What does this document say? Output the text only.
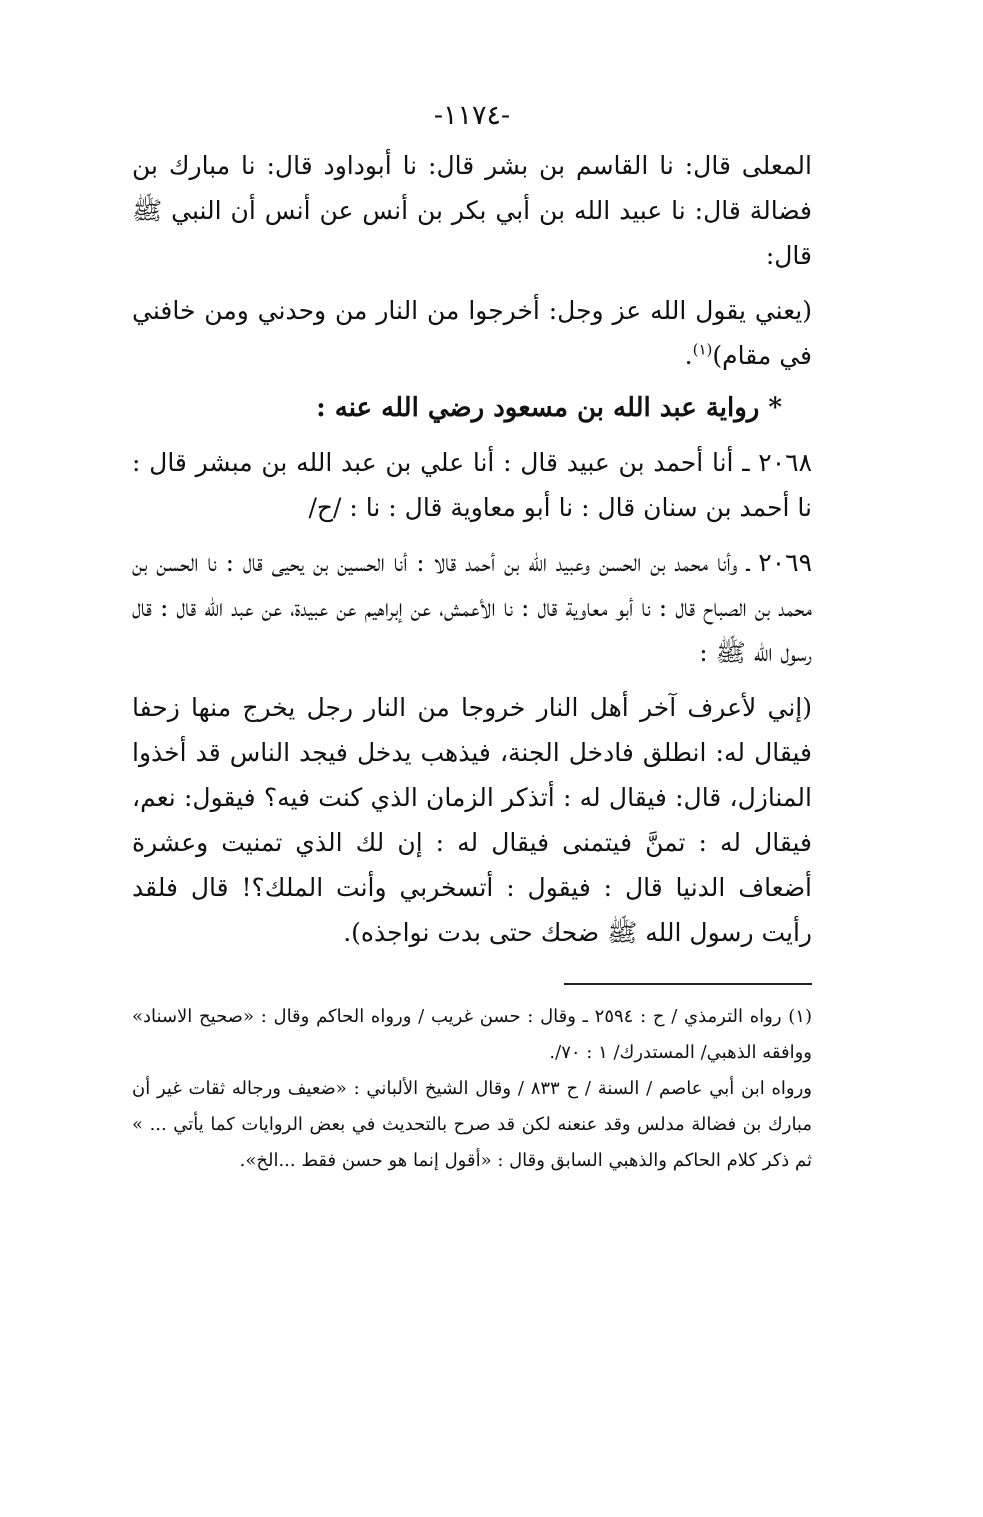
-١١٧٤-

المعلى قال: نا القاسم بن بشر قال: نا أبوداود قال: نا مبارك بن فضالة قال: نا عبيد الله بن أبي بكر بن أنس عن أنس أن النبي ﷺ قال:

(يعني يقول الله عز وجل: أخرجوا من النار من وحدني ومن خافني في مقام)$^{(١)}$.

* رواية عبد الله بن مسعود رضي الله عنه :

٢٠٦٨ ـ أنا أحمد بن عبيد قال : أنا علي بن عبد الله بن مبشر قال : نا أحمد بن سنان قال : نا أبو معاوية قال : نا : /ح/

٢٠٦٩ ـ وأنا محمد بن الحسن وعبيد الله بن أحمد قالا : أنا الحسين بن يحيى قال : نا الحسن بن محمد بن الصباح قال : نا أبو معاوية قال : نا الأعمش، عن إبراهيم عن عبيدة، عن عبد الله قال : قال رسول الله ﷺ :

(إني لأعرف آخر أهل النار خروجا من النار رجل يخرج منها زحفا فيقال له: انطلق فادخل الجنة، فيذهب يدخل فيجد الناس قد أخذوا المنازل، قال: فيقال له : أتذكر الزمان الذي كنت فيه؟ فيقول: نعم، فيقال له : تمنَّ فيتمنى فيقال له : إن لك الذي تمنيت وعشرة أضعاف الدنيا قال : فيقول : أتسخربي وأنت الملك؟! قال فلقد رأيت رسول الله ﷺ ضحك حتى بدت نواجذه).

(١) رواه الترمذي / ح : ٢٥٩٤ ـ وقال : حسن غريب / ورواه الحاكم وقال : «صحيح الاسناد» ووافقه الذهبي/ المستدرك/ ١ : ٧٠/.

ورواه ابن أبي عاصم / السنة / ح ٨٣٣ / وقال الشيخ الألباني : «ضعيف ورجاله ثقات غير أن مبارك بن فضالة مدلس وقد عنعنه لكن قد صرح بالتحديث في بعض الروايات كما يأتي ... » ثم ذكر كلام الحاكم والذهبي السابق وقال : «أقول إنما هو حسن فقط ...الخ».
